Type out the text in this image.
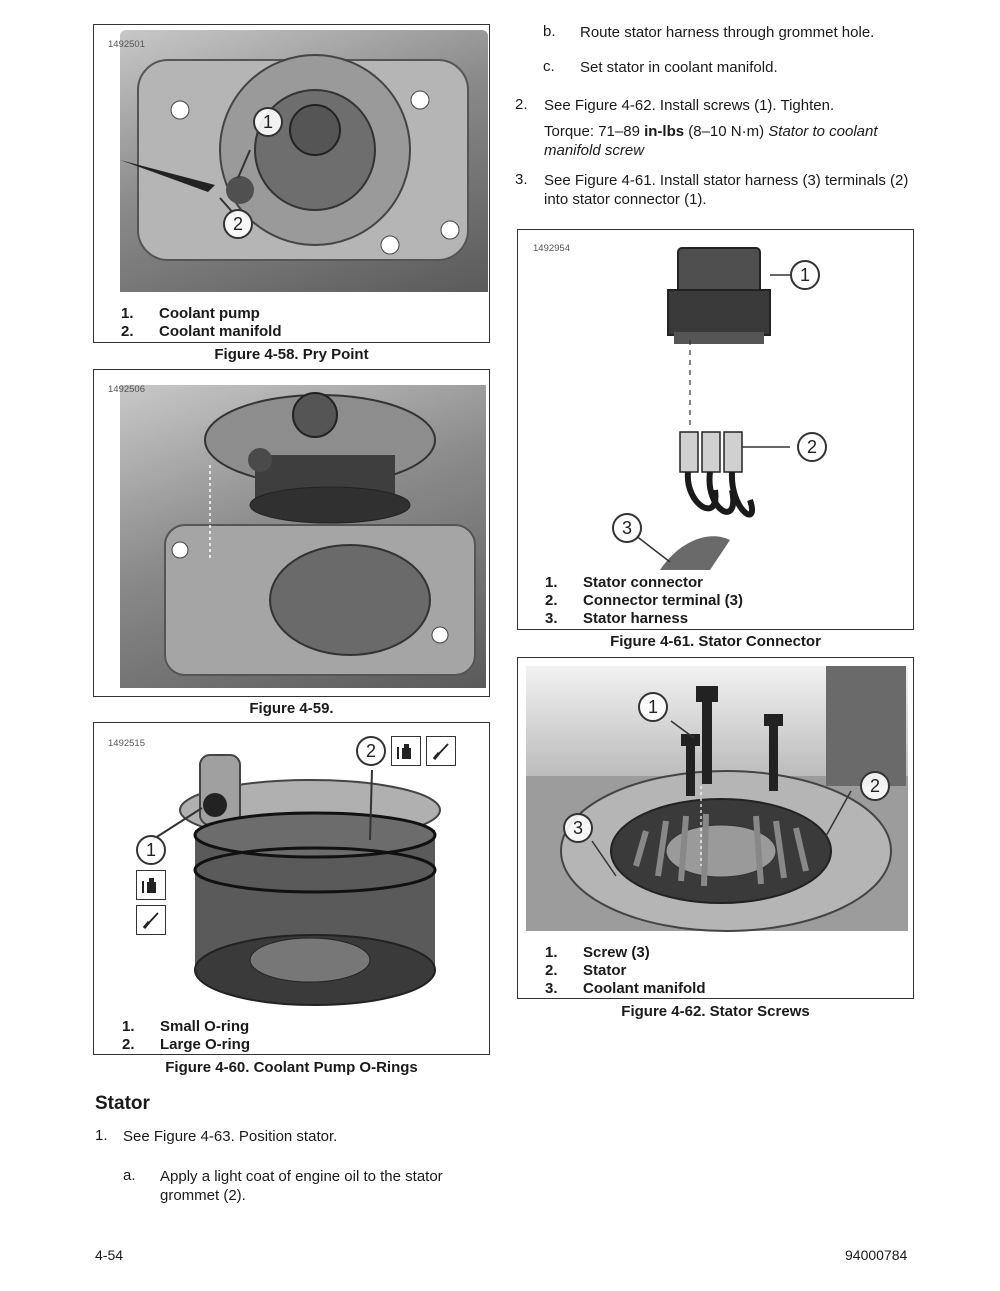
1492501
1
2
1.	Coolant pump
2.	Coolant manifold
Figure 4-58. Pry Point
1492506
Figure 4-59.
1492515	2
1
1.	Small O-ring
2.	Large O-ring
Figure 4-60. Coolant Pump O-Rings
Stator
1. See Figure 4-63. Position stator.
a. Apply a light coat of engine oil to the stator grommet (2).
b. Route stator harness through grommet hole.
c. Set stator in coolant manifold.
2. See Figure 4-62. Install screws (1). Tighten.
Torque: 71–89 in-lbs (8–10 N·m) Stator to coolant manifold screw
3. See Figure 4-61. Install stator harness (3) terminals (2) into stator connector (1).
1492954
1
2
3
1.	Stator connector
2.	Connector terminal (3)
3.	Stator harness
Figure 4-61. Stator Connector
1
2
3
1.	Screw (3)
2.	Stator
3.	Coolant manifold
Figure 4-62. Stator Screws
4-54	94000784
